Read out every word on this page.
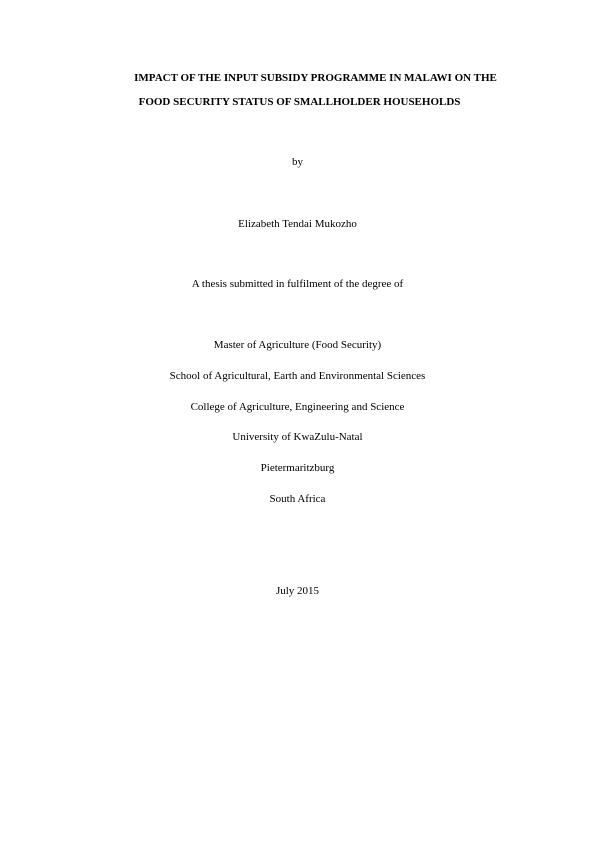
IMPACT OF THE INPUT SUBSIDY PROGRAMME IN MALAWI ON THE
FOOD SECURITY STATUS OF SMALLHOLDER HOUSEHOLDS
by
Elizabeth Tendai Mukozho
A thesis submitted in fulfilment of the degree of
Master of Agriculture (Food Security)
School of Agricultural, Earth and Environmental Sciences
College of Agriculture, Engineering and Science
University of KwaZulu-Natal
Pietermaritzburg
South Africa
July 2015
